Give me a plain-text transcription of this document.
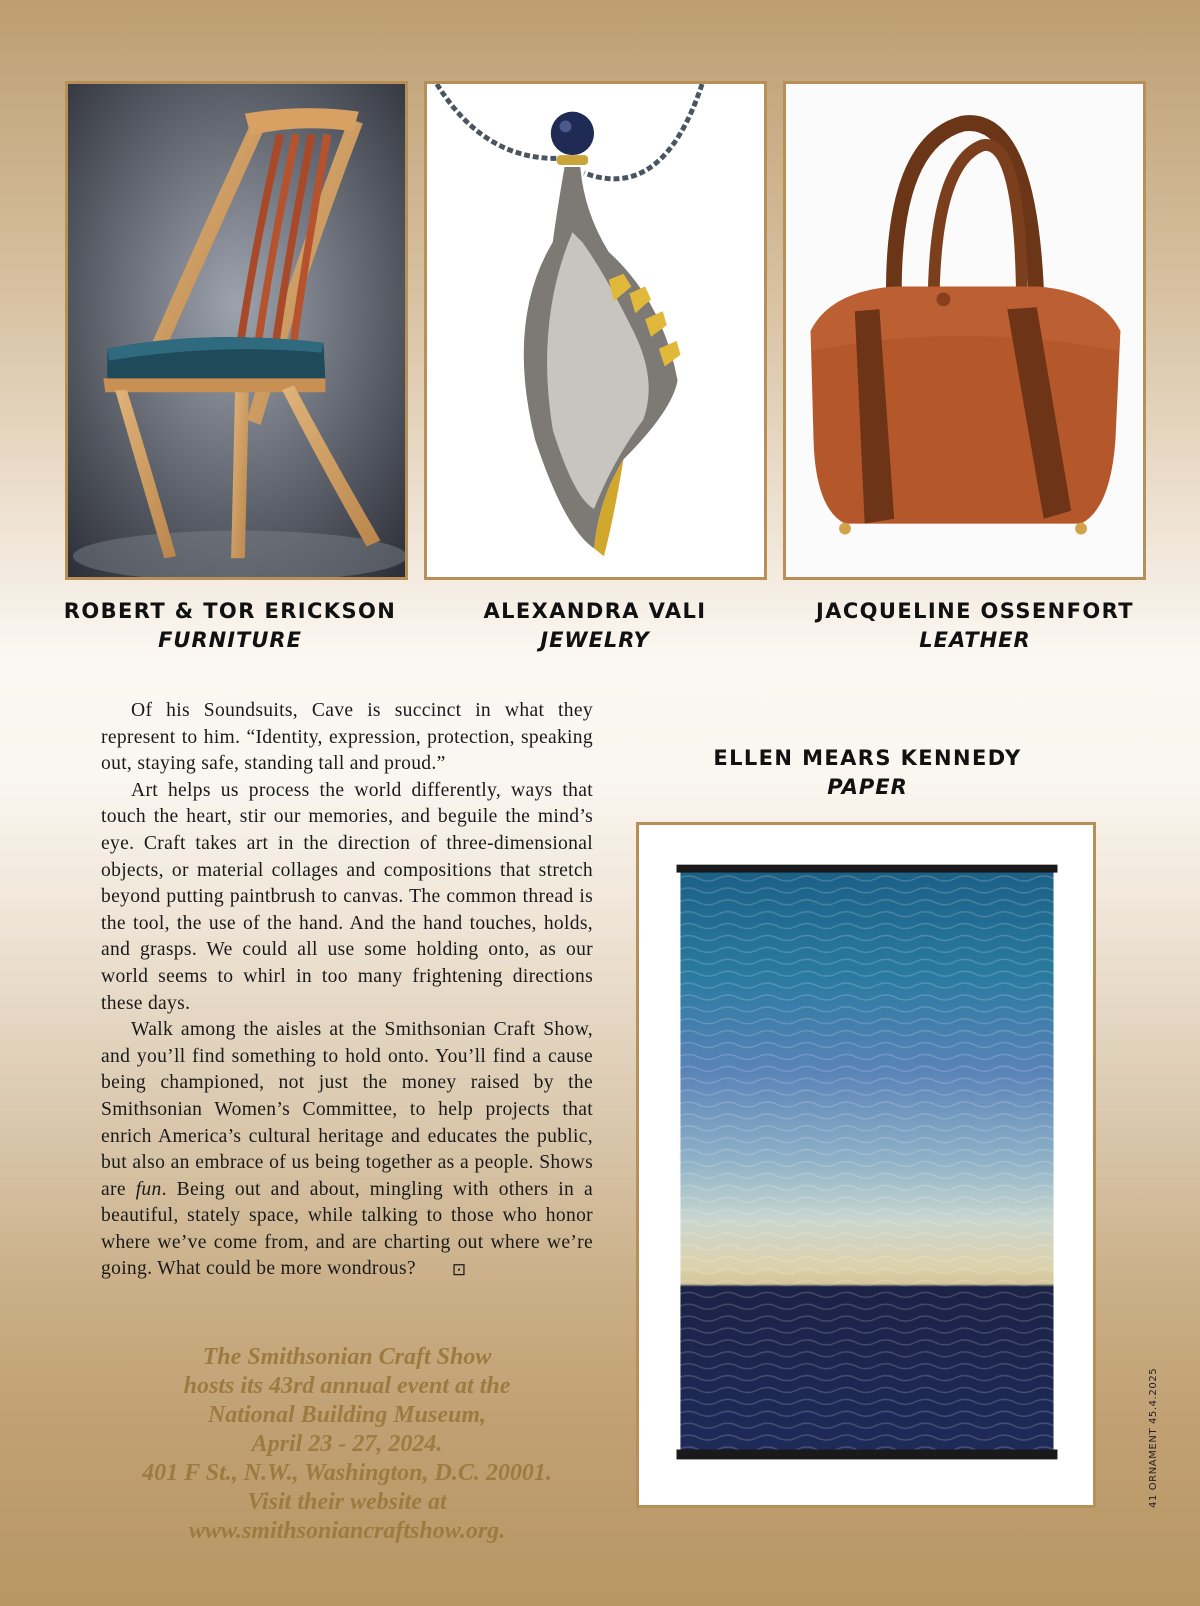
ROBERT & TOR ERICKSON
FURNITURE
ALEXANDRA VALI
JEWELRY
JACQUELINE OSSENFORT
LEATHER

Of his Soundsuits, Cave is succinct in what they represent to him. “Identity, expression, protection, speaking out, staying safe, standing tall and proud.”

Art helps us process the world differently, ways that touch the heart, stir our memories, and beguile the mind’s eye. Craft takes art in the direction of three-dimensional objects, or material collages and compositions that stretch beyond putting paintbrush to canvas. The common thread is the tool, the use of the hand. And the hand touches, holds, and grasps. We could all use some holding onto, as our world seems to whirl in too many frightening directions these days.

Walk among the aisles at the Smithsonian Craft Show, and you’ll find something to hold onto. You’ll find a cause being championed, not just the money raised by the Smithsonian Women’s Committee, to help projects that enrich America’s cultural heritage and educates the public, but also an embrace of us being together as a people. Shows are fun. Being out and about, mingling with others in a beautiful, stately space, while talking to those who honor where we’ve come from, and are charting out where we’re going. What could be more wondrous? ⊡

ELLEN MEARS KENNEDY
PAPER
The Smithsonian Craft Show
hosts its 43rd annual event at the
National Building Museum,
April 23 - 27, 2024.
401 F St., N.W., Washington, D.C. 20001.
Visit their website at
www.smithsoniancraftshow.org.
41 ORNAMENT 45.4.2025
